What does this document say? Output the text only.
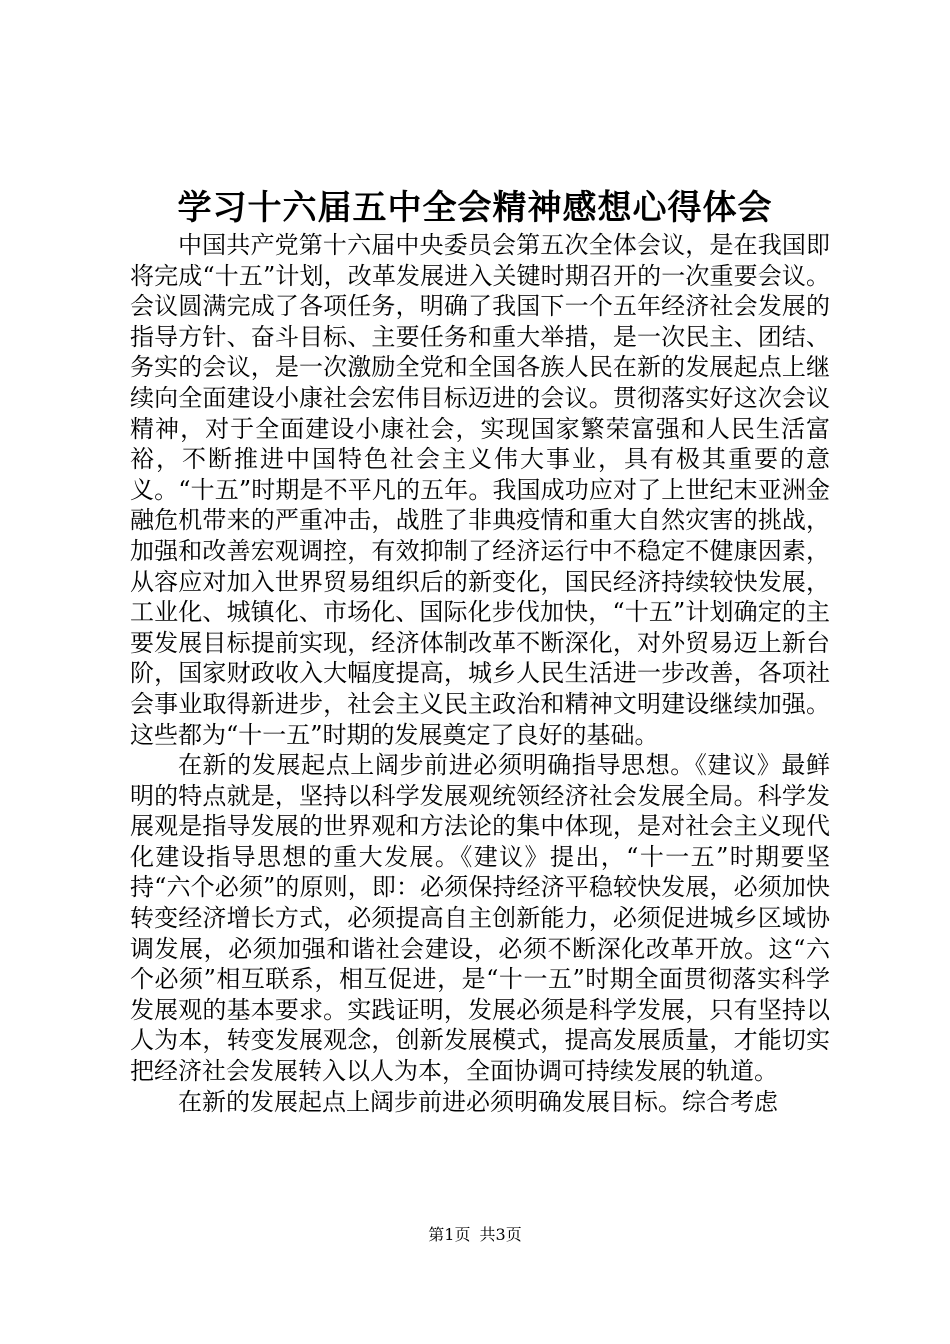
学习十六届五中全会精神感想心得体会

中国共产党第十六届中央委员会第五次全体会议，是在我国即将完成“十五”计划，改革发展进入关键时期召开的一次重要会议。会议圆满完成了各项任务，明确了我国下一个五年经济社会发展的指导方针、奋斗目标、主要任务和重大举措，是一次民主、团结、务实的会议，是一次激励全党和全国各族人民在新的发展起点上继续向全面建设小康社会宏伟目标迈进的会议。贯彻落实好这次会议精神，对于全面建设小康社会，实现国家繁荣富强和人民生活富裕，不断推进中国特色社会主义伟大事业，具有极其重要的意义。“十五”时期是不平凡的五年。我国成功应对了上世纪末亚洲金融危机带来的严重冲击，战胜了非典疫情和重大自然灾害的挑战，加强和改善宏观调控，有效抑制了经济运行中不稳定不健康因素，从容应对加入世界贸易组织后的新变化，国民经济持续较快发展，工业化、城镇化、市场化、国际化步伐加快，“十五”计划确定的主要发展目标提前实现，经济体制改革不断深化，对外贸易迈上新台阶，国家财政收入大幅度提高，城乡人民生活进一步改善，各项社会事业取得新进步，社会主义民主政治和精神文明建设继续加强。这些都为“十一五”时期的发展奠定了良好的基础。

在新的发展起点上阔步前进必须明确指导思想。《建议》最鲜明的特点就是，坚持以科学发展观统领经济社会发展全局。科学发展观是指导发展的世界观和方法论的集中体现，是对社会主义现代化建设指导思想的重大发展。《建议》提出，“十一五”时期要坚持“六个必须”的原则，即：必须保持经济平稳较快发展，必须加快转变经济增长方式，必须提高自主创新能力，必须促进城乡区域协调发展，必须加强和谐社会建设，必须不断深化改革开放。这“六个必须”相互联系，相互促进，是“十一五”时期全面贯彻落实科学发展观的基本要求。实践证明，发展必须是科学发展，只有坚持以人为本，转变发展观念，创新发展模式，提高发展质量，才能切实把经济社会发展转入以人为本，全面协调可持续发展的轨道。

在新的发展起点上阔步前进必须明确发展目标。综合考虑

第1页 共3页
